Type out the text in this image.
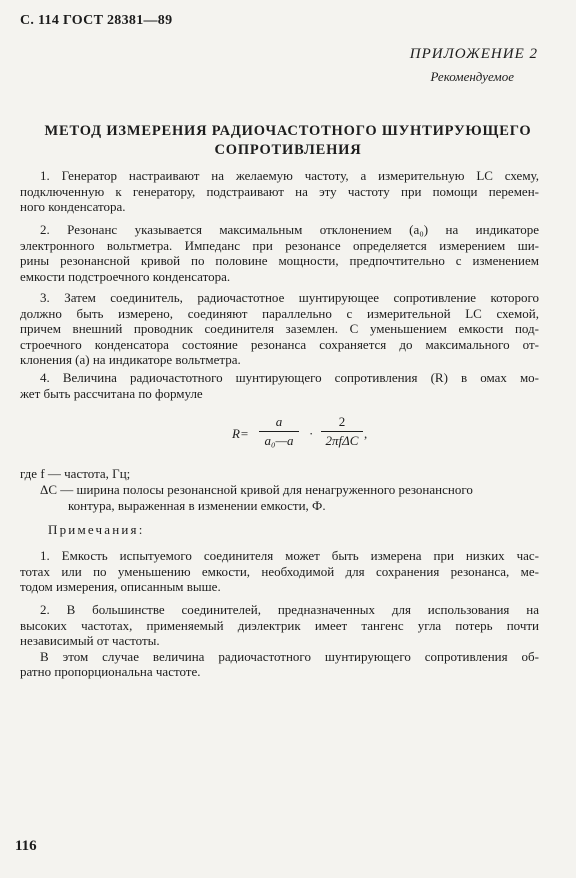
С. 114 ГОСТ 28381—89
ПРИЛОЖЕНИЕ 2
Рекомендуемое
МЕТОД ИЗМЕРЕНИЯ РАДИОЧАСТОТНОГО ШУНТИРУЮЩЕГО
СОПРОТИВЛЕНИЯ
1. Генератор настраивают на желаемую частоту, а измерительную LC схему,
подключенную к генератору, подстраивают на эту частоту при помощи перемен-
ного конденсатора.
2. Резонанс указывается максимальным отклонением (a₀) на индикаторе
электронного вольтметра. Импеданс при резонансе определяется измерением ши-
рины резонансной кривой по половине мощности, предпочтительно с изменением
емкости подстроечного конденсатора.
3. Затем соединитель, радиочастотное шунтирующее сопротивление которого
должно быть измерено, соединяют параллельно с измерительной LC схемой,
причем внешний проводник соединителя заземлен. С уменьшением емкости под-
строечного конденсатора состояние резонанса сохраняется до максимального от-
клонения (a) на индикаторе вольтметра.
4. Величина радиочастотного шунтирующего сопротивления (R) в омах мо-
жет быть рассчитана по формуле
$R= \frac{a}{\text{a₀—a}}$ ·
2
2πfΔC ,
где f — частота, Гц;
ΔC — ширина полосы резонансной кривой для ненагруженного резонансного
контура, выраженная в изменении емкости, Ф.
Примечания:
1. Емкость испытуемого соединителя может быть измерена при низких час-
тотах или по уменьшению емкости, необходимой для сохранения резонанса, ме-
тодом измерения, описанным выше.
2. В большинстве соединителей, предназначенных для использования на
высоких частотах, применяемый диэлектрик имеет тангенс угла потерь почти
независимый от частоты.
В этом случае величина радиочастотного шунтирующего сопротивления об-
ратно пропорциональна частоте.
116
